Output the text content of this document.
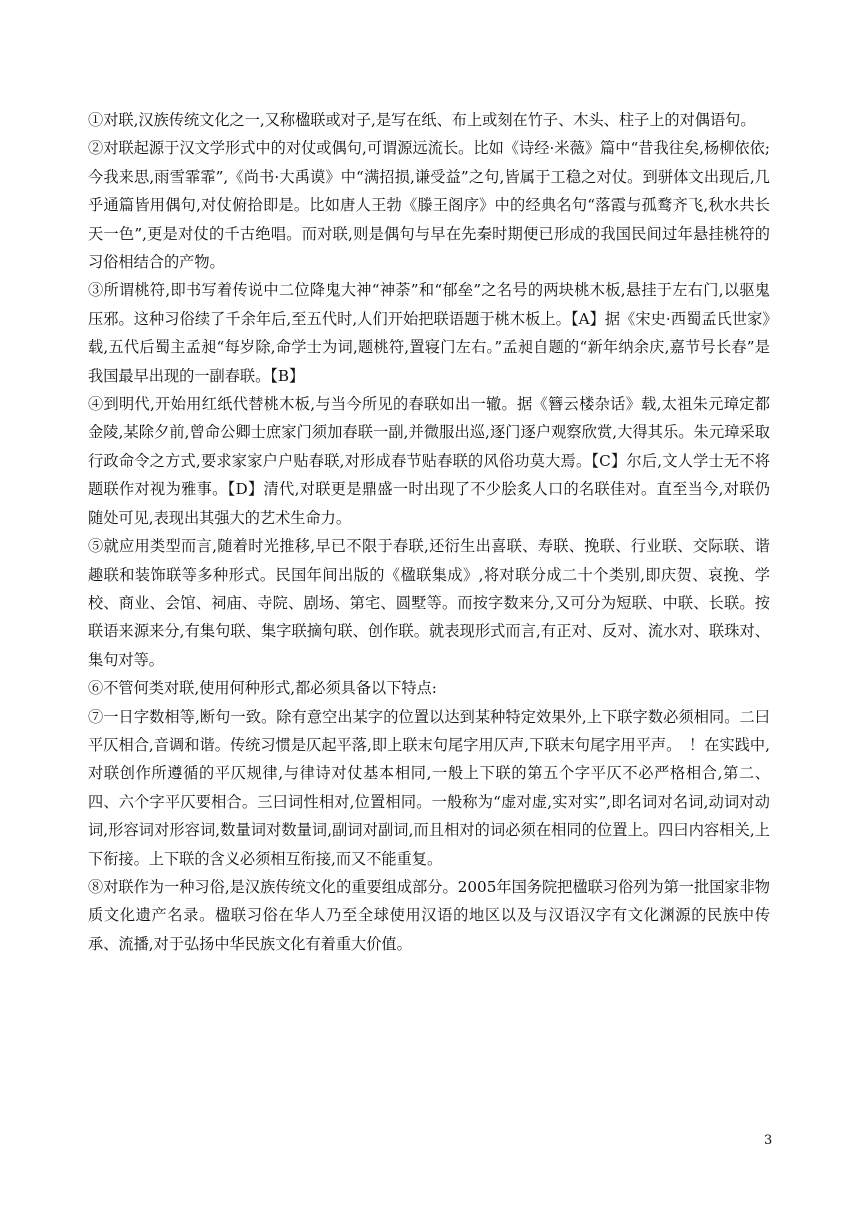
①对联,汉族传统文化之一,又称楹联或对子,是写在纸、布上或刻在竹子、木头、柱子上的对偶语句。

②对联起源于汉文学形式中的对仗或偶句,可谓源远流长。比如《诗经·米薇》篇中“昔我往矣,杨柳依依;今我来思,雨雪霏霏”,《尚书·大禹谟》中“满招损,谦受益”之句,皆属于工稳之对仗。到骈体文出现后,几乎通篇皆用偶句,对仗俯拾即是。比如唐人王勃《滕王阁序》中的经典名句“落霞与孤鹜齐飞,秋水共长天一色”,更是对仗的千古绝唱。而对联,则是偶句与早在先秦时期便已形成的我国民间过年悬挂桃符的习俗相结合的产物。

③所谓桃符,即书写着传说中二位降鬼大神“神荼”和“郁垒”之名号的两块桃木板,悬挂于左右门,以驱鬼压邪。这种习俗续了千余年后,至五代时,人们开始把联语题于桃木板上。【A】据《宋史·西蜀孟氏世家》载,五代后蜀主孟昶“每岁除,命学士为词,题桃符,置寝门左右。”孟昶自题的“新年纳余庆,嘉节号长春”是我国最早出现的一副春联。【B】

④到明代,开始用红纸代替桃木板,与当今所见的春联如出一辙。据《簪云楼杂话》载,太祖朱元璋定都金陵,某除夕前,曾命公卿士庶家门须加春联一副,并微服出巡,逐门逐户观察欣赏,大得其乐。朱元璋采取行政命令之方式,要求家家户户贴春联,对形成春节贴春联的风俗功莫大焉。【C】尔后,文人学士无不将题联作对视为雅事。【D】清代,对联更是鼎盛一时出现了不少脍炙人口的名联佳对。直至当今,对联仍随处可见,表现出其强大的艺术生命力。

⑤就应用类型而言,随着时光推移,早已不限于春联,还衍生出喜联、寿联、挽联、行业联、交际联、谐趣联和装饰联等多种形式。民国年间出版的《楹联集成》,将对联分成二十个类别,即庆贺、哀挽、学校、商业、会馆、祠庙、寺院、剧场、第宅、圆墅等。而按字数来分,又可分为短联、中联、长联。按联语来源来分,有集句联、集字联摘句联、创作联。就表现形式而言,有正对、反对、流水对、联珠对、集句对等。

⑥不管何类对联,使用何种形式,都必须具备以下特点:

⑦一日字数相等,断句一致。除有意空出某字的位置以达到某种特定效果外,上下联字数必须相同。二曰平仄相合,音调和谐。传统习惯是仄起平落,即上联末句尾字用仄声,下联末句尾字用平声。　！在实践中,对联创作所遵循的平仄规律,与律诗对仗基本相同,一般上下联的第五个字平仄不必严格相合,第二、四、六个字平仄要相合。三曰词性相对,位置相同。一般称为“虚对虚,实对实”,即名词对名词,动词对动词,形容词对形容词,数量词对数量词,副词对副词,而且相对的词必须在相同的位置上。四曰内容相关,上下衔接。上下联的含义必须相互衔接,而又不能重复。

⑧对联作为一种习俗,是汉族传统文化的重要组成部分。2005年国务院把楹联习俗列为第一批国家非物质文化遗产名录。楹联习俗在华人乃至全球使用汉语的地区以及与汉语汉字有文化渊源的民族中传承、流播,对于弘扬中华民族文化有着重大价值。

3
